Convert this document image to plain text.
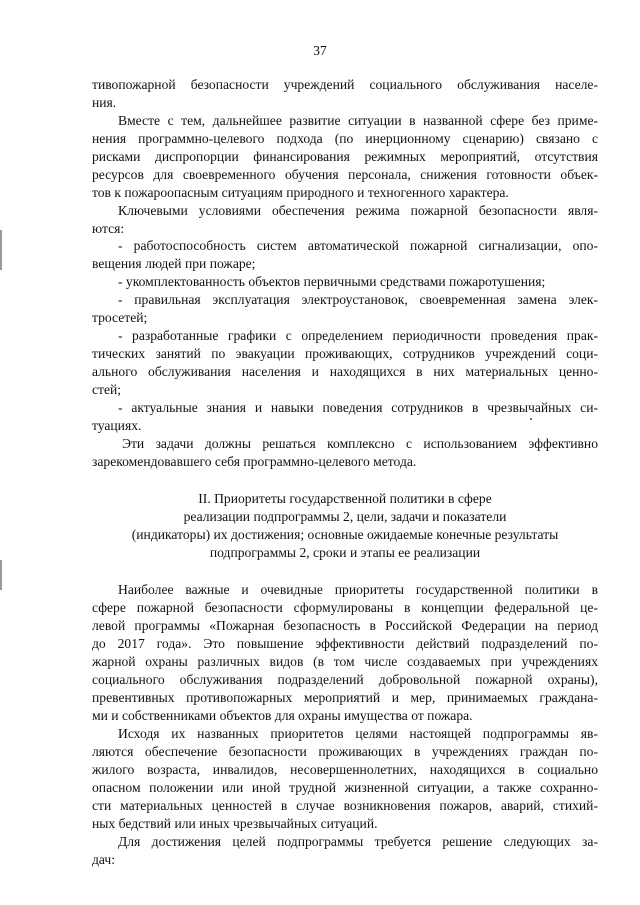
37
тивопожарной безопасности учреждений социального обслуживания населе-
ния.
Вместе с тем, дальнейшее развитие ситуации в названной сфере без приме-
нения программно-целевого подхода (по инерционному сценарию) связано с
рисками диспропорции финансирования режимных мероприятий, отсутствия
ресурсов для своевременного обучения персонала, снижения готовности объек-
тов к пожароопасным ситуациям природного и техногенного характера.
Ключевыми условиями обеспечения режима пожарной безопасности явля-
ются:
- работоспособность систем автоматической пожарной сигнализации, опо-
вещения людей при пожаре;
- укомплектованность объектов первичными средствами пожаротушения;
- правильная эксплуатация электроустановок, своевременная замена элек-
тросетей;
- разработанные графики с определением периодичности проведения прак-
тических занятий по эвакуации проживающих, сотрудников учреждений соци-
ального обслуживания населения и находящихся в них материальных ценно-
стей;
- актуальные знания и навыки поведения сотрудников в чрезвычайных си-
туациях.
Эти задачи должны решаться комплексно с использованием эффективно
зарекомендовавшего себя программно-целевого метода.
II. Приоритеты государственной политики в сфере
реализации подпрограммы 2, цели, задачи и показатели
(индикаторы) их достижения; основные ожидаемые конечные результаты
подпрограммы 2, сроки и этапы ее реализации
Наиболее важные и очевидные приоритеты государственной политики в
сфере пожарной безопасности сформулированы в концепции федеральной це-
левой программы «Пожарная безопасность в Российской Федерации на период
до 2017 года». Это повышение эффективности действий подразделений по-
жарной охраны различных видов (в том числе создаваемых при учреждениях
социального обслуживания подразделений добровольной пожарной охраны),
превентивных противопожарных мероприятий и мер, принимаемых граждана-
ми и собственниками объектов для охраны имущества от пожара.
Исходя их названных приоритетов целями настоящей подпрограммы яв-
ляются обеспечение безопасности проживающих в учреждениях граждан по-
жилого возраста, инвалидов, несовершеннолетних, находящихся в социально
опасном положении или иной трудной жизненной ситуации, а также сохранно-
сти материальных ценностей в случае возникновения пожаров, аварий, стихий-
ных бедствий или иных чрезвычайных ситуаций.
Для достижения целей подпрограммы требуется решение следующих за-
дач:
